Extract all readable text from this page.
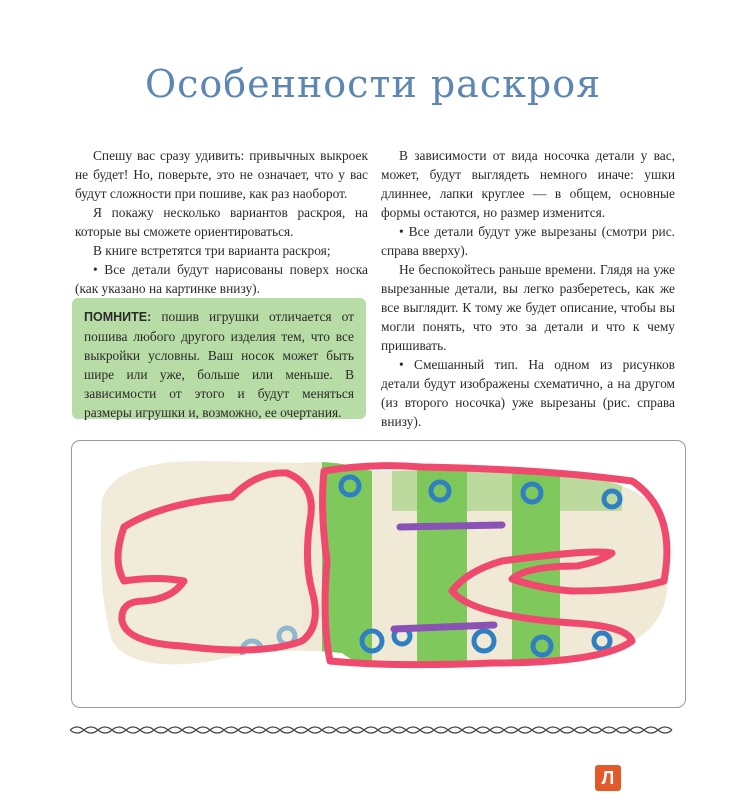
Особенности раскроя

Спешу вас сразу удивить: привычных выкроек не будет! Но, поверьте, это не означает, что у вас будут сложности при пошиве, как раз наоборот.

Я покажу несколько вариантов раскроя, на которые вы сможете ориентироваться.

В книге встретятся три варианта раскроя;

• Все детали будут нарисованы поверх носка (как указано на картинке внизу).

ПОМНИТЕ: пошив игрушки отличается от пошива любого другого изделия тем, что все выкройки условны. Ваш носок может быть шире или уже, больше или меньше. В зависимости от этого и будут меняться размеры игрушки и, возможно, ее очертания.

В зависимости от вида носочка детали у вас, может, будут выглядеть немного иначе: ушки длиннее, лапки круглее — в общем, основные формы остаются, но размер изменится.

• Все детали будут уже вырезаны (смотри рис. справа вверху).

Не беспокойтесь раньше времени. Глядя на уже вырезанные детали, вы легко разберетесь, как же все выглядит. К тому же будет описание, чтобы вы могли понять, что это за детали и что к чему пришивать.

• Смешанный тип. На одном из рисунков детали будут изображены схематично, а на другом (из второго носочка) уже вырезаны (рис. справа внизу).

Л
